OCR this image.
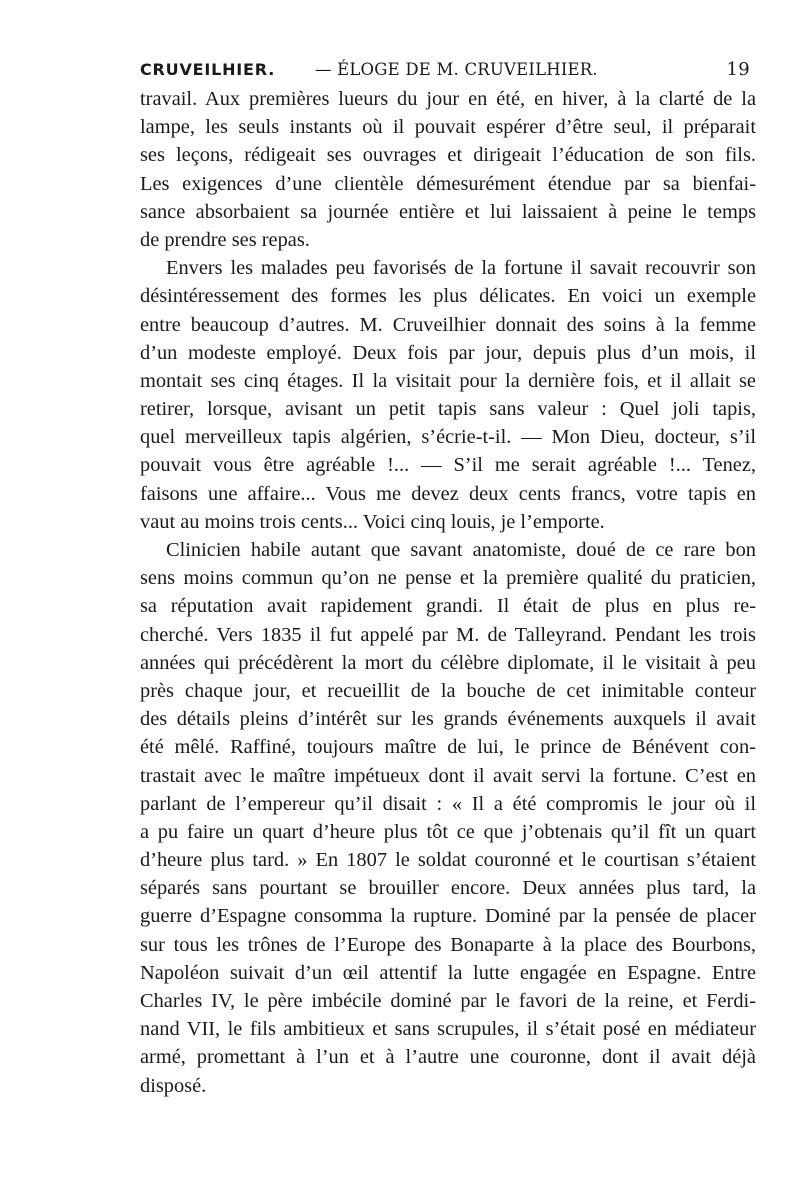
CRUVEILHIER. — ÉLOGE DE M. CRUVEILHIER.	19
travail. Aux premières lueurs du jour en été, en hiver, à la clarté de la
lampe, les seuls instants où il pouvait espérer d’être seul, il préparait
ses leçons, rédigeait ses ouvrages et dirigeait l’éducation de son fils.
Les exigences d’une clientèle démesurément étendue par sa bienfai-
sance absorbaient sa journée entière et lui laissaient à peine le temps
de prendre ses repas.
Envers les malades peu favorisés de la fortune il savait recouvrir son
désintéressement des formes les plus délicates. En voici un exemple
entre beaucoup d’autres. M. Cruveilhier donnait des soins à la femme
d’un modeste employé. Deux fois par jour, depuis plus d’un mois, il
montait ses cinq étages. Il la visitait pour la dernière fois, et il allait se
retirer, lorsque, avisant un petit tapis sans valeur : Quel joli tapis,
quel merveilleux tapis algérien, s’écrie-t-il. — Mon Dieu, docteur, s’il
pouvait vous être agréable !... — S’il me serait agréable !... Tenez,
faisons une affaire... Vous me devez deux cents francs, votre tapis en
vaut au moins trois cents... Voici cinq louis, je l’emporte.
Clinicien habile autant que savant anatomiste, doué de ce rare bon
sens moins commun qu’on ne pense et la première qualité du praticien,
sa réputation avait rapidement grandi. Il était de plus en plus re-
cherché. Vers 1835 il fut appelé par M. de Talleyrand. Pendant les trois
années qui précédèrent la mort du célèbre diplomate, il le visitait à peu
près chaque jour, et recueillit de la bouche de cet inimitable conteur
des détails pleins d’intérêt sur les grands événements auxquels il avait
été mêlé. Raffiné, toujours maître de lui, le prince de Bénévent con-
trastait avec le maître impétueux dont il avait servi la fortune. C’est en
parlant de l’empereur qu’il disait : « Il a été compromis le jour où il
a pu faire un quart d’heure plus tôt ce que j’obtenais qu’il fît un quart
d’heure plus tard. » En 1807 le soldat couronné et le courtisan s’étaient
séparés sans pourtant se brouiller encore. Deux années plus tard, la
guerre d’Espagne consomma la rupture. Dominé par la pensée de placer
sur tous les trônes de l’Europe des Bonaparte à la place des Bourbons,
Napoléon suivait d’un œil attentif la lutte engagée en Espagne. Entre
Charles IV, le père imbécile dominé par le favori de la reine, et Ferdi-
nand VII, le fils ambitieux et sans scrupules, il s’était posé en médiateur
armé, promettant à l’un et à l’autre une couronne, dont il avait déjà
disposé.
